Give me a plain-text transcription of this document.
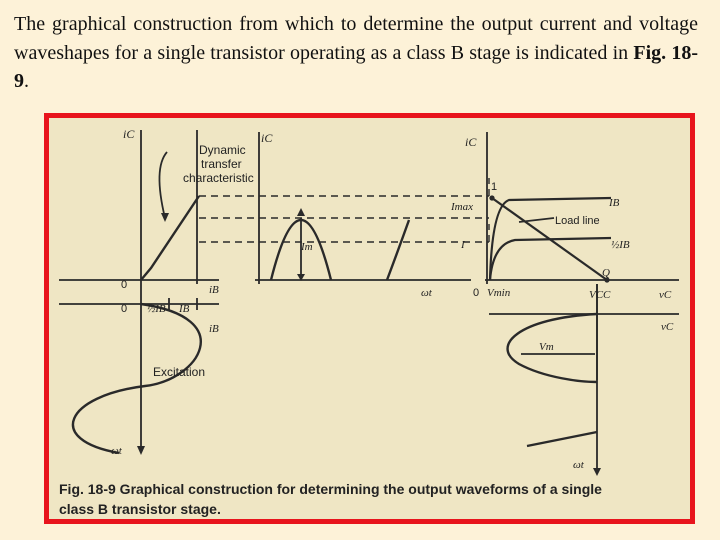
The graphical construction from which to determine the output current and voltage waveshapes for a single transistor operating as a class B stage is indicated in Fig. 18-9.

iC	iC	iC
Dynamic
transfer
characteristic
Im
Imax
I
IB
½IB
Load line
1
Q
0	iB	ωt	0 Vmin	VCC	vC
vC
0 ½IB IB
iB
Excitation
Vm
ωt
ωt
Fig. 18-9 Graphical construction for determining the output waveforms of a single
class B transistor stage.
